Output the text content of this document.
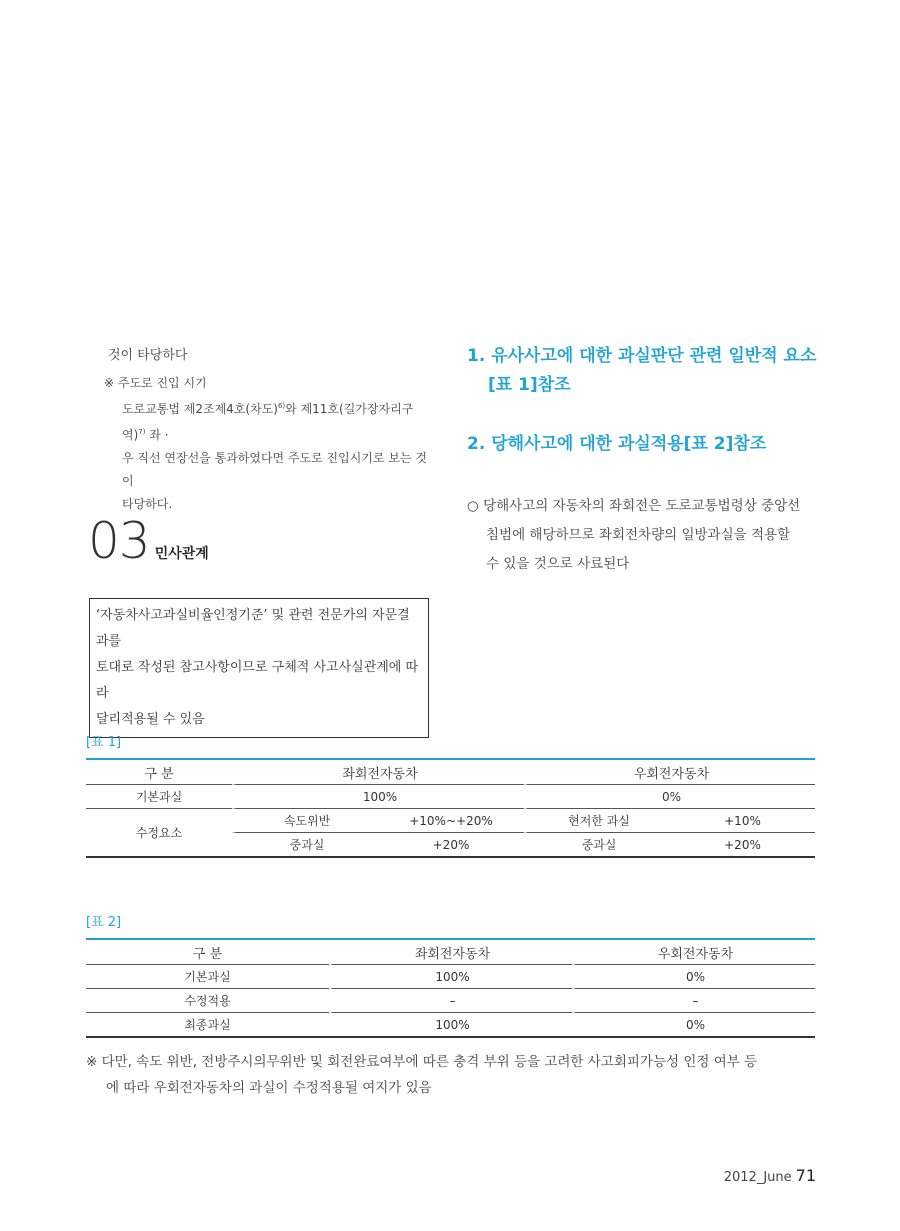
것이 타당하다
※ 주도로 진입 시기
도로교통법 제2조제4호(차도)$^{6)}$와 제11호(길가장자리구역)$^{7)}$ 좌 ·
우 직선 연장선을 통과하였다면 주도로 진입시기로 보는 것이
타당하다.
03 민사관계
‘자동차사고과실비율인정기준’ 및 관련 전문가의 자문결과를
토대로 작성된 참고사항이므로 구체적 사고사실관계에 따라
달리적용될 수 있음
1. 유사사고에 대한 과실판단 관련 일반적 요소
[표 1]참조
2. 당해사고에 대한 과실적용[표 2]참조
○ 당해사고의 자동차의 좌회전은 도로교통법령상 중앙선
침범에 해당하므로 좌회전차량의 일방과실을 적용할
수 있을 것으로 사료된다
[표 1]
구 분	좌회전자동차		우회전자동차	
기본과실	100%		0%	
수정요소	속도위반	+10%~+20%	현저한 과실	+10%
	중과실	+20%	중과실	+20%
[표 2]
구 분	좌회전자동차	우회전자동차
기본과실	100%	0%
수정적용	–	–
최종과실	100%	0%
※ 다만, 속도 위반, 전방주시의무위반 및 회전완료여부에 따른 충격 부위 등을 고려한 사고회피가능성 인정 여부 등
에 따라 우회전자동차의 과실이 수정적용될 여지가 있음
2012_June 71
